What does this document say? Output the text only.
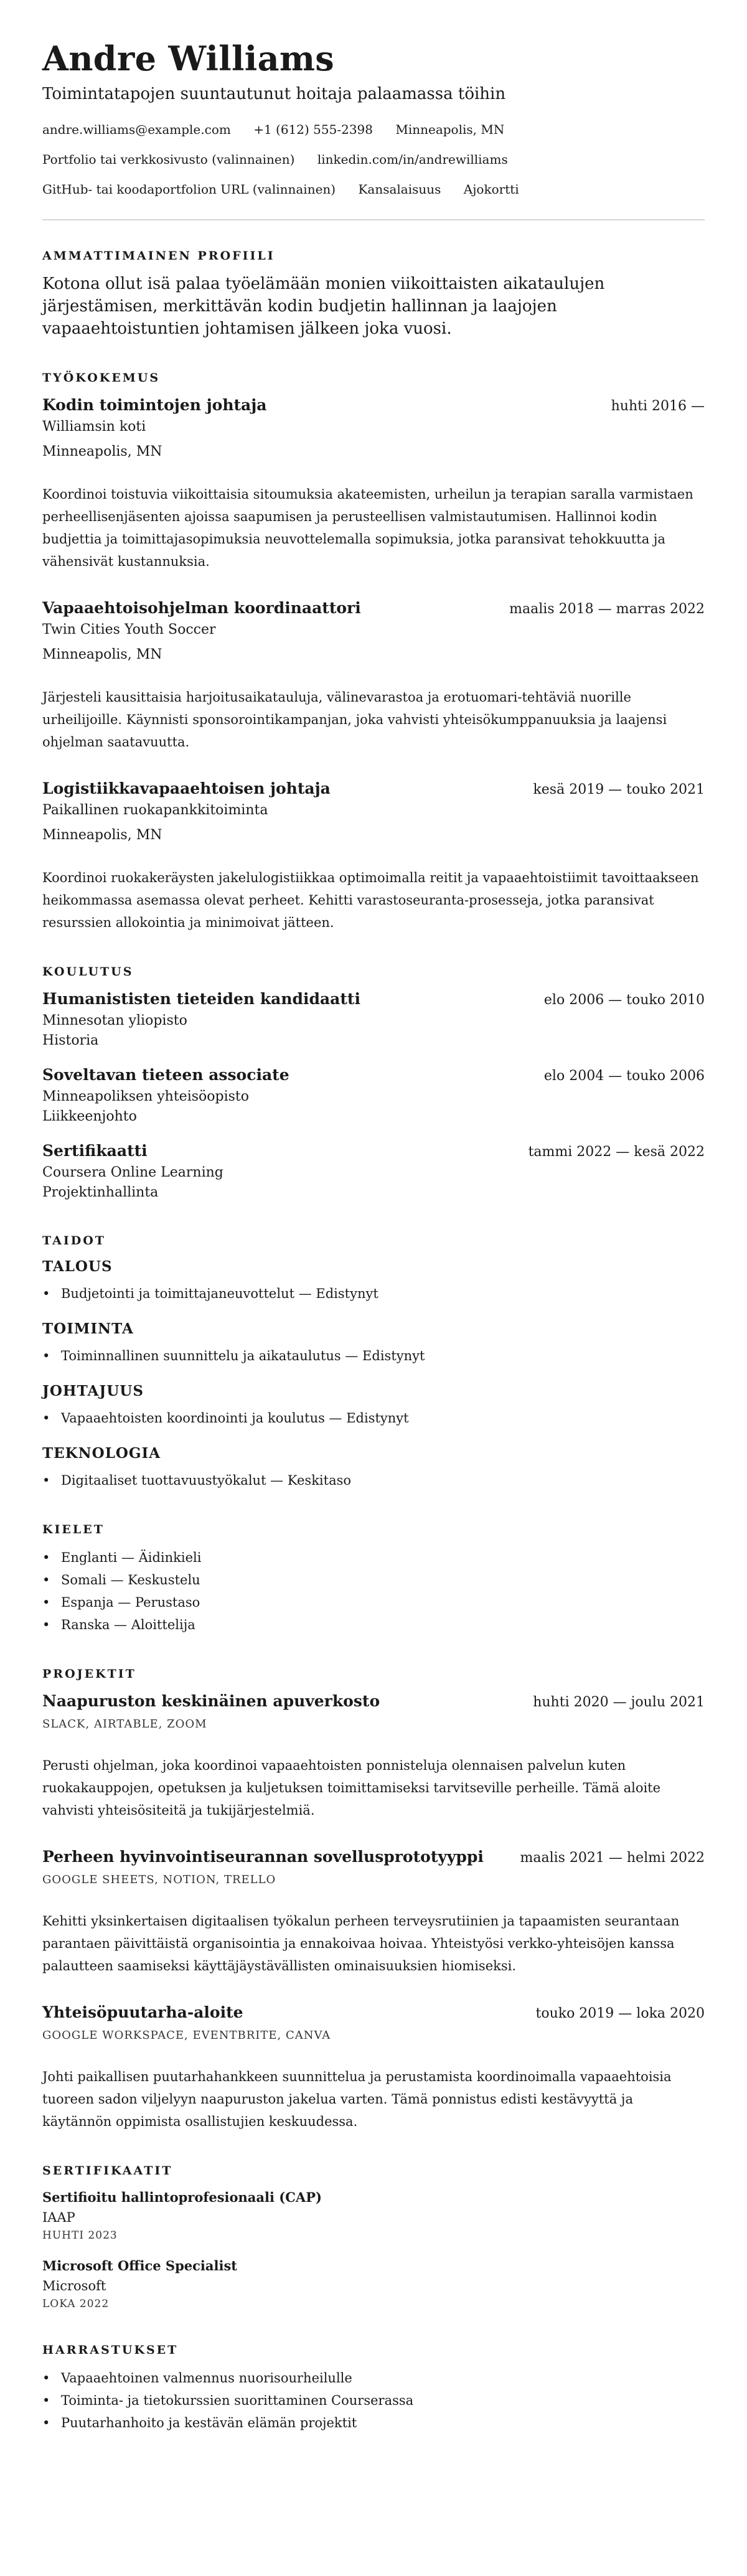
Andre Williams
Toimintatapojen suuntautunut hoitaja palaamassa töihin
andre.williams@example.com +1 (612) 555-2398 Minneapolis, MN
Portfolio tai verkkosivusto (valinnainen) linkedin.com/in/andrewilliams
GitHub- tai koodaportfolion URL (valinnainen) Kansalaisuus Ajokortti
AMMATTIMAINEN PROFIILI

Kotona ollut isä palaa työelämään monien viikoittaisten aikataulujen järjestämisen, merkittävän kodin budjetin hallinnan ja laajojen vapaaehtoistuntien johtamisen jälkeen joka vuosi.

TYÖKOKEMUS
Kodin toimintojen johtaja	huhti 2016 —

Williamsin koti

Minneapolis, MN

Koordinoi toistuvia viikoittaisia sitoumuksia akateemisten, urheilun ja terapian saralla varmistaen perheellisenjäsenten ajoissa saapumisen ja perusteellisen valmistautumisen. Hallinnoi kodin budjettia ja toimittajasopimuksia neuvottelemalla sopimuksia, jotka paransivat tehokkuutta ja vähensivät kustannuksia.

Vapaaehtoisohjelman koordinaattori	maalis 2018 — marras 2022

Twin Cities Youth Soccer

Minneapolis, MN

Järjesteli kausittaisia harjoitusaikatauluja, välinevarastoa ja erotuomari-tehtäviä nuorille urheilijoille. Käynnisti sponsorointikampanjan, joka vahvisti yhteisökumppanuuksia ja laajensi ohjelman saatavuutta.

Logistiikkavapaaehtoisen johtaja	kesä 2019 — touko 2021

Paikallinen ruokapankkitoiminta

Minneapolis, MN

Koordinoi ruokakeräysten jakelulogistiikkaa optimoimalla reitit ja vapaaehtoistiimit tavoittaakseen heikommassa asemassa olevat perheet. Kehitti varastoseuranta-prosesseja, jotka paransivat resurssien allokointia ja minimoivat jätteen.

KOULUTUS
Humanististen tieteiden kandidaatti	elo 2006 — touko 2010

Minnesotan yliopisto

Historia

Soveltavan tieteen associate	elo 2004 — touko 2006

Minneapoliksen yhteisöopisto

Liikkeenjohto

Sertifikaatti	tammi 2022 — kesä 2022

Coursera Online Learning

Projektinhallinta

TAIDOT
TALOUS
• Budjetointi ja toimittajaneuvottelut — Edistynyt
TOIMINTA
• Toiminnallinen suunnittelu ja aikataulutus — Edistynyt
JOHTAJUUS
• Vapaaehtoisten koordinointi ja koulutus — Edistynyt
TEKNOLOGIA
• Digitaaliset tuottavuustyökalut — Keskitaso
KIELET
• Englanti — Äidinkieli
• Somali — Keskustelu
• Espanja — Perustaso
• Ranska — Aloittelija
PROJEKTIT
Naapuruston keskinäinen apuverkosto	huhti 2020 — joulu 2021

SLACK, AIRTABLE, ZOOM

Perusti ohjelman, joka koordinoi vapaaehtoisten ponnisteluja olennaisen palvelun kuten ruokakauppojen, opetuksen ja kuljetuksen toimittamiseksi tarvitseville perheille. Tämä aloite vahvisti yhteisösiteitä ja tukijärjestelmiä.

Perheen hyvinvointiseurannan sovellusprototyyppi	maalis 2021 — helmi 2022

GOOGLE SHEETS, NOTION, TRELLO

Kehitti yksinkertaisen digitaalisen työkalun perheen terveysrutiinien ja tapaamisten seurantaan parantaen päivittäistä organisointia ja ennakoivaa hoivaa. Yhteistyösi verkko-yhteisöjen kanssa palautteen saamiseksi käyttäjäystävällisten ominaisuuksien hiomiseksi.

Yhteisöpuutarha-aloite	touko 2019 — loka 2020

GOOGLE WORKSPACE, EVENTBRITE, CANVA

Johti paikallisen puutarhahankkeen suunnittelua ja perustamista koordinoimalla vapaaehtoisia tuoreen sadon viljelyyn naapuruston jakelua varten. Tämä ponnistus edisti kestävyyttä ja käytännön oppimista osallistujien keskuudessa.

SERTIFIKAATIT
Sertifioitu hallintoprofesionaali (CAP)
IAAP
HUHTI 2023
Microsoft Office Specialist
Microsoft
LOKA 2022
HARRASTUKSET
• Vapaaehtoinen valmennus nuorisourheilulle
• Toiminta- ja tietokurssien suorittaminen Courserassa
• Puutarhanhoito ja kestävän elämän projektit
